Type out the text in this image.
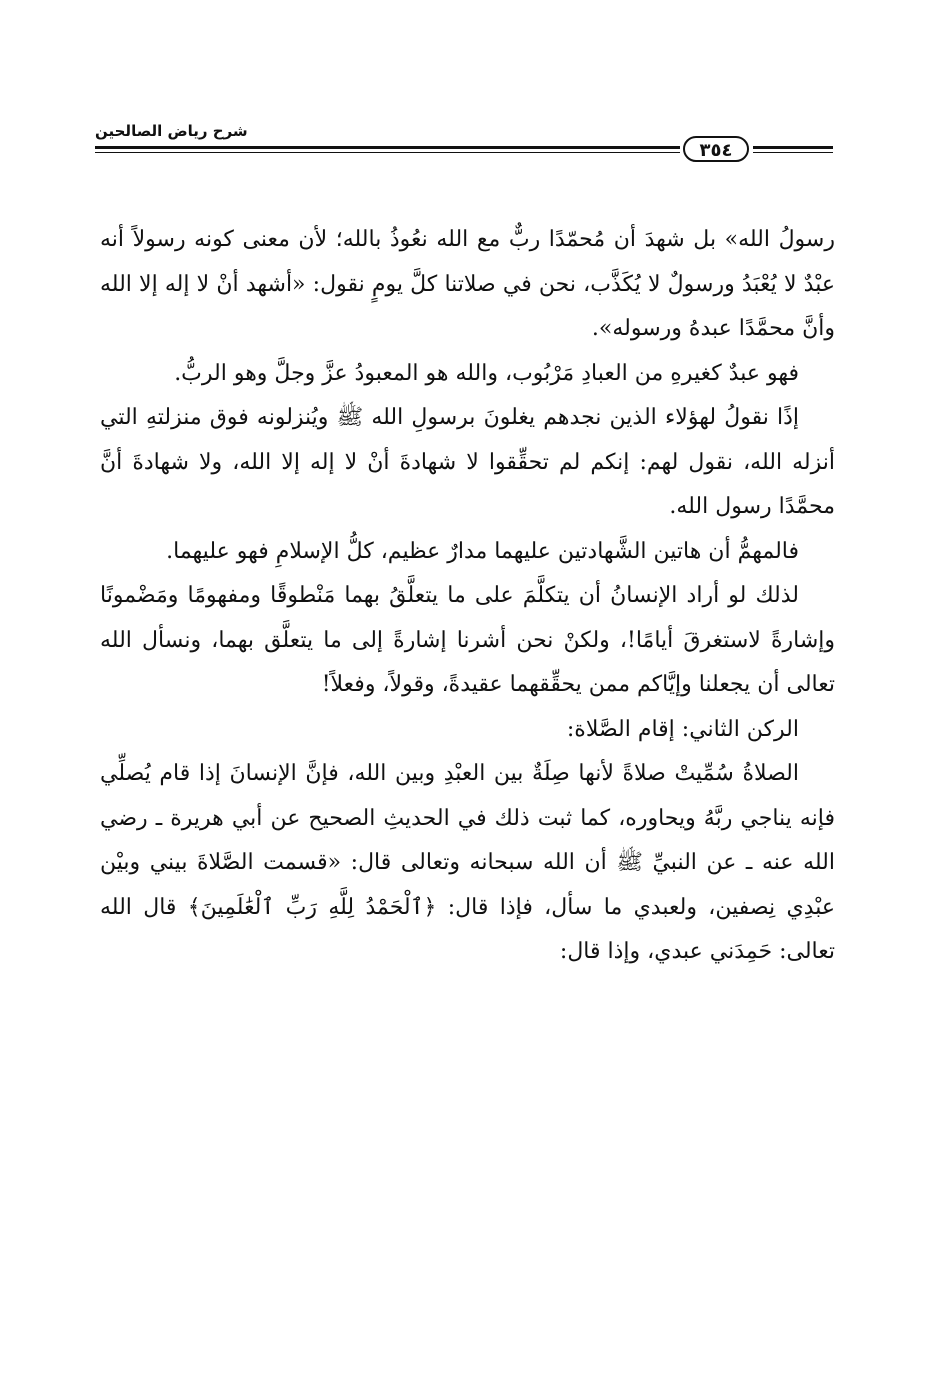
شرح رياض الصالحين
٣٥٤

رسولُ الله» بل شهدَ أن مُحمّدًا ربٌّ مع الله نعُوذُ بالله؛ لأن معنى كونه رسولاً أنه عبْدٌ لا يُعْبَدُ ورسولٌ لا يُكَذَّب، نحن في صلاتنا كلَّ يومٍ نقول: «أشهد أنْ لا إله إلا الله وأنَّ محمَّدًا عبدهُ ورسوله».

فهو عبدٌ كغيرهِ من العبادِ مَرْبُوب، والله هو المعبودُ عزَّ وجلَّ وهو الربُّ.

إذًا نقولُ لهؤلاء الذين نجدهم يغلونَ برسولِ الله ﷺ ويُنزلونه فوق منزلتهِ التي أنزله الله، نقول لهم: إنكم لم تحقِّقوا لا شهادةَ أنْ لا إله إلا الله، ولا شهادةَ أنَّ محمَّدًا رسول الله.

فالمهمُّ أن هاتين الشَّهادتين عليهما مدارٌ عظيم، كلُّ الإسلامِ فهو عليهما.

لذلك لو أراد الإنسانُ أن يتكلَّمَ على ما يتعلَّقُ بهما مَنْطوقًا ومفهومًا ومَضْمونًا وإشارةً لاستغرقَ أيامًا!، ولكنْ نحن أشرنا إشارةً إلى ما يتعلَّق بهما، ونسأل الله تعالى أن يجعلنا وإيَّاكم ممن يحقِّقهما عقيدةً، وقولاً، وفعلاً!

الركن الثاني: إقام الصَّلاة:

الصلاةُ سُمِّيتْ صلاةً لأنها صِلَةٌ بين العبْدِ وبين الله، فإنَّ الإنسانَ إذا قام يُصلِّي فإنه يناجي ربَّهُ ويحاوره، كما ثبت ذلك في الحديثِ الصحيح عن أبي هريرة ـ رضي الله عنه ـ عن النبيِّ ﷺ أن الله سبحانه وتعالى قال: «قسمت الصَّلاةَ بيني وبيْن عبْدِي نِصفين، ولعبدي ما سأل، فإذا قال: ﴿ٱلْحَمْدُ لِلَّهِ رَبِّ ٱلْعَٰلَمِينَ﴾ قال الله تعالى: حَمِدَني عبدي، وإذا قال:
